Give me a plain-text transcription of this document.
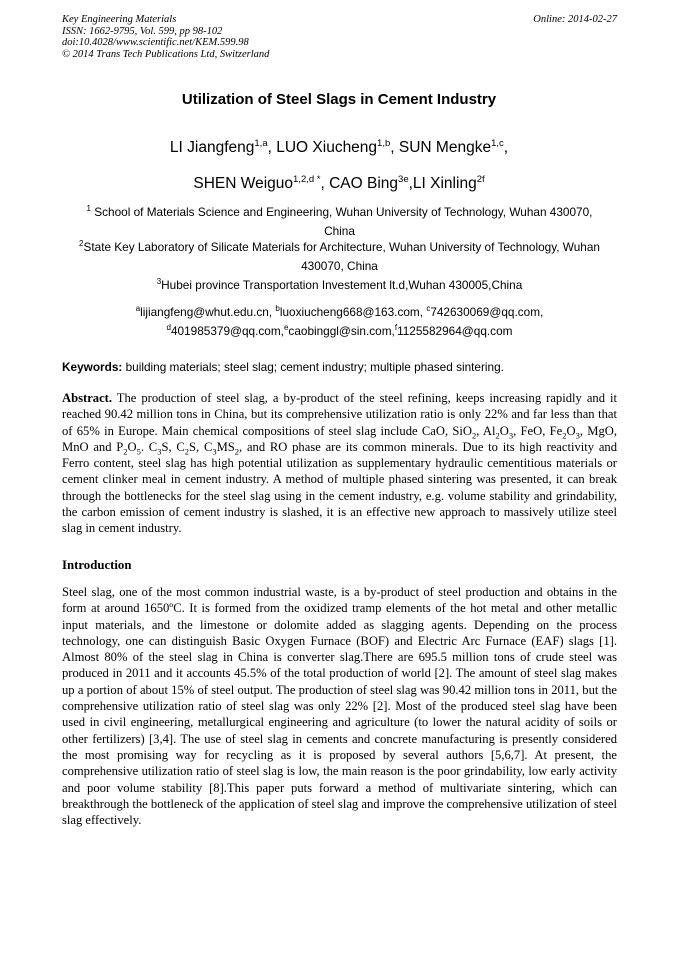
Key Engineering Materials	Online: 2014-02-27
ISSN: 1662-9795, Vol. 599, pp 98-102
doi:10.4028/www.scientific.net/KEM.599.98
© 2014 Trans Tech Publications Ltd, Switzerland
Utilization of Steel Slags in Cement Industry
LI Jiangfeng$^{1,a}$, LUO Xiucheng$^{1,b}$, SUN Mengke$^{1,c}$,
SHEN Weiguo$^{1,2,d *}$, CAO Bing$^{3e}$,LI Xinling$^{2f}$
$^1$ School of Materials Science and Engineering, Wuhan University of Technology, Wuhan 430070,
China
$^2$State Key Laboratory of Silicate Materials for Architecture, Wuhan University of Technology, Wuhan
430070, China
$^3$Hubei province Transportation Investement lt.d,Wuhan 430005,China
$^a$lijiangfeng@whut.edu.cn, $^b$luoxiucheng668@163.com, $^c$742630069@qq.com,
$^d$401985379@qq.com,$^e$caobinggl@sin.com,$^f$1125582964@qq.com
Keywords: building materials; steel slag; cement industry; multiple phased sintering.
Abstract. The production of steel slag, a by-product of the steel refining, keeps increasing rapidly and it reached 90.42 million tons in China, but its comprehensive utilization ratio is only 22% and far less than that of 65% in Europe. Main chemical compositions of steel slag include CaO, SiO$_2$, $Al_2O_3$, FeO, $Fe_2O_3$, MgO, MnO and $P_2O_5$. $C_3S$, $C_2S$, $C_3MS_2$, and RO phase are its common minerals. Due to its high reactivity and Ferro content, steel slag has high potential utilization as supplementary hydraulic cementitious materials or cement clinker meal in cement industry. A method of multiple phased sintering was presented, it can break through the bottlenecks for the steel slag using in the cement industry, e.g. volume stability and grindability, the carbon emission of cement industry is slashed, it is an effective new approach to massively utilize steel slag in cement industry.
Introduction
Steel slag, one of the most common industrial waste, is a by-product of steel production and obtains in the form at around 1650ºC. It is formed from the oxidized tramp elements of the hot metal and other metallic input materials, and the limestone or dolomite added as slagging agents. Depending on the process technology, one can distinguish Basic Oxygen Furnace (BOF) and Electric Arc Furnace (EAF) slags [1]. Almost 80% of the steel slag in China is converter slag.There are 695.5 million tons of crude steel was produced in 2011 and it accounts 45.5% of the total production of world [2]. The amount of steel slag makes up a portion of about 15% of steel output. The production of steel slag was 90.42 million tons in 2011, but the comprehensive utilization ratio of steel slag was only 22% [2]. Most of the produced steel slag have been used in civil engineering, metallurgical engineering and agriculture (to lower the natural acidity of soils or other fertilizers) [3,4]. The use of steel slag in cements and concrete manufacturing is presently considered the most promising way for recycling as it is proposed by several authors [5,6,7]. At present, the comprehensive utilization ratio of steel slag is low, the main reason is the poor grindability, low early activity and poor volume stability [8].This paper puts forward a method of multivariate sintering, which can breakthrough the bottleneck of the application of steel slag and improve the comprehensive utilization of steel slag effectively.
